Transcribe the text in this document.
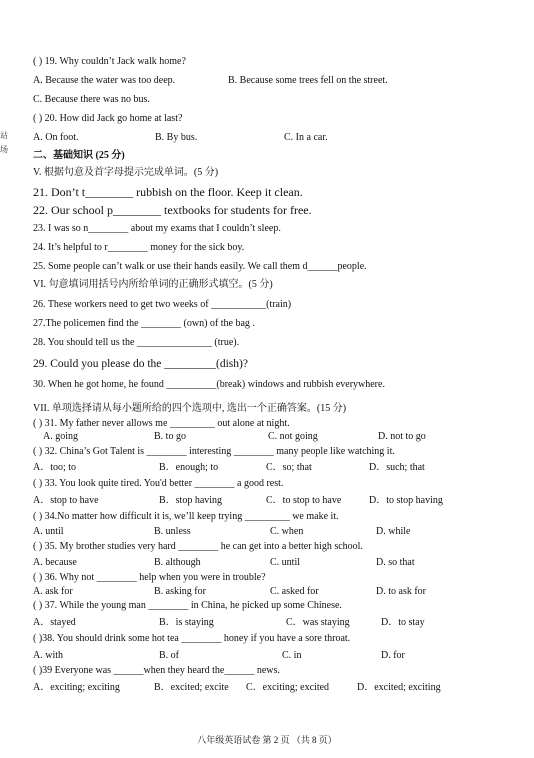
站
场
( ) 19. Why couldn’t Jack walk home?
A. Because the water was too deep.	B. Because some trees fell on the street.
C. Because there was no bus.
( ) 20. How did Jack go home at last?
A. On foot.	B. By bus.	C. In a car.
二、基础知识 (25 分)
V. 根据句意及首字母提示完成单词。(5 分)
21. Don’t t________ rubbish on the floor. Keep it clean.
22. Our school p________ textbooks for students for free.
23. I was so n________ about my exams that I couldn’t sleep.
24. It’s helpful to r________ money for the sick boy.
25. Some people can’t walk or use their hands easily. We call them d______people.
VI. 句意填词用括号内所给单词的正确形式填空。(5 分)
26. These workers need to get two weeks of ___________(train)
27.The policemen find the ________ (own) of the bag .
28. You should tell us the _______________ (true).
29. Could you please do the _________(dish)?
30. When he got home, he found __________(break) windows and rubbish everywhere.
VII. 单项选择请从每小题所给的四个选项中, 选出一个正确答案。(15 分)
( ) 31. My father never allows me _________ out alone at night.
A. going	B. to go	C. not going	D. not to go
( ) 32. China’s Got Talent is ________ interesting ________ many people like watching it.
A．too; to	B．enough; to	C．so; that	D．such; that
( ) 33. You look quite tired. You'd better ________ a good rest.
A．stop to have	B．stop having	C．to stop to have	D．to stop having
( ) 34.No matter how difficult it is, we’ll keep trying _________ we make it.
A. until	B. unless	C. when	D. while
( ) 35. My brother studies very hard ________ he can get into a better high school.
A. because	B. although	C. until	D. so that
( ) 36. Why not ________ help when you were in trouble?
A. ask for	B. asking for	C. asked for	D. to ask for
( ) 37. While the young man ________ in China, he picked up some Chinese.
A．stayed	B．is staying	C．was staying	D．to stay
( )38. You should drink some hot tea ________ honey if you have a sore throat.
A. with	B. of	C. in	D. for
( )39 Everyone was ______when they heard the______ news.
A．exciting; exciting	B．excited; excite C．exciting; excited	D．excited; exciting
八年级英语试卷 第 2 页 （共 8 页）
